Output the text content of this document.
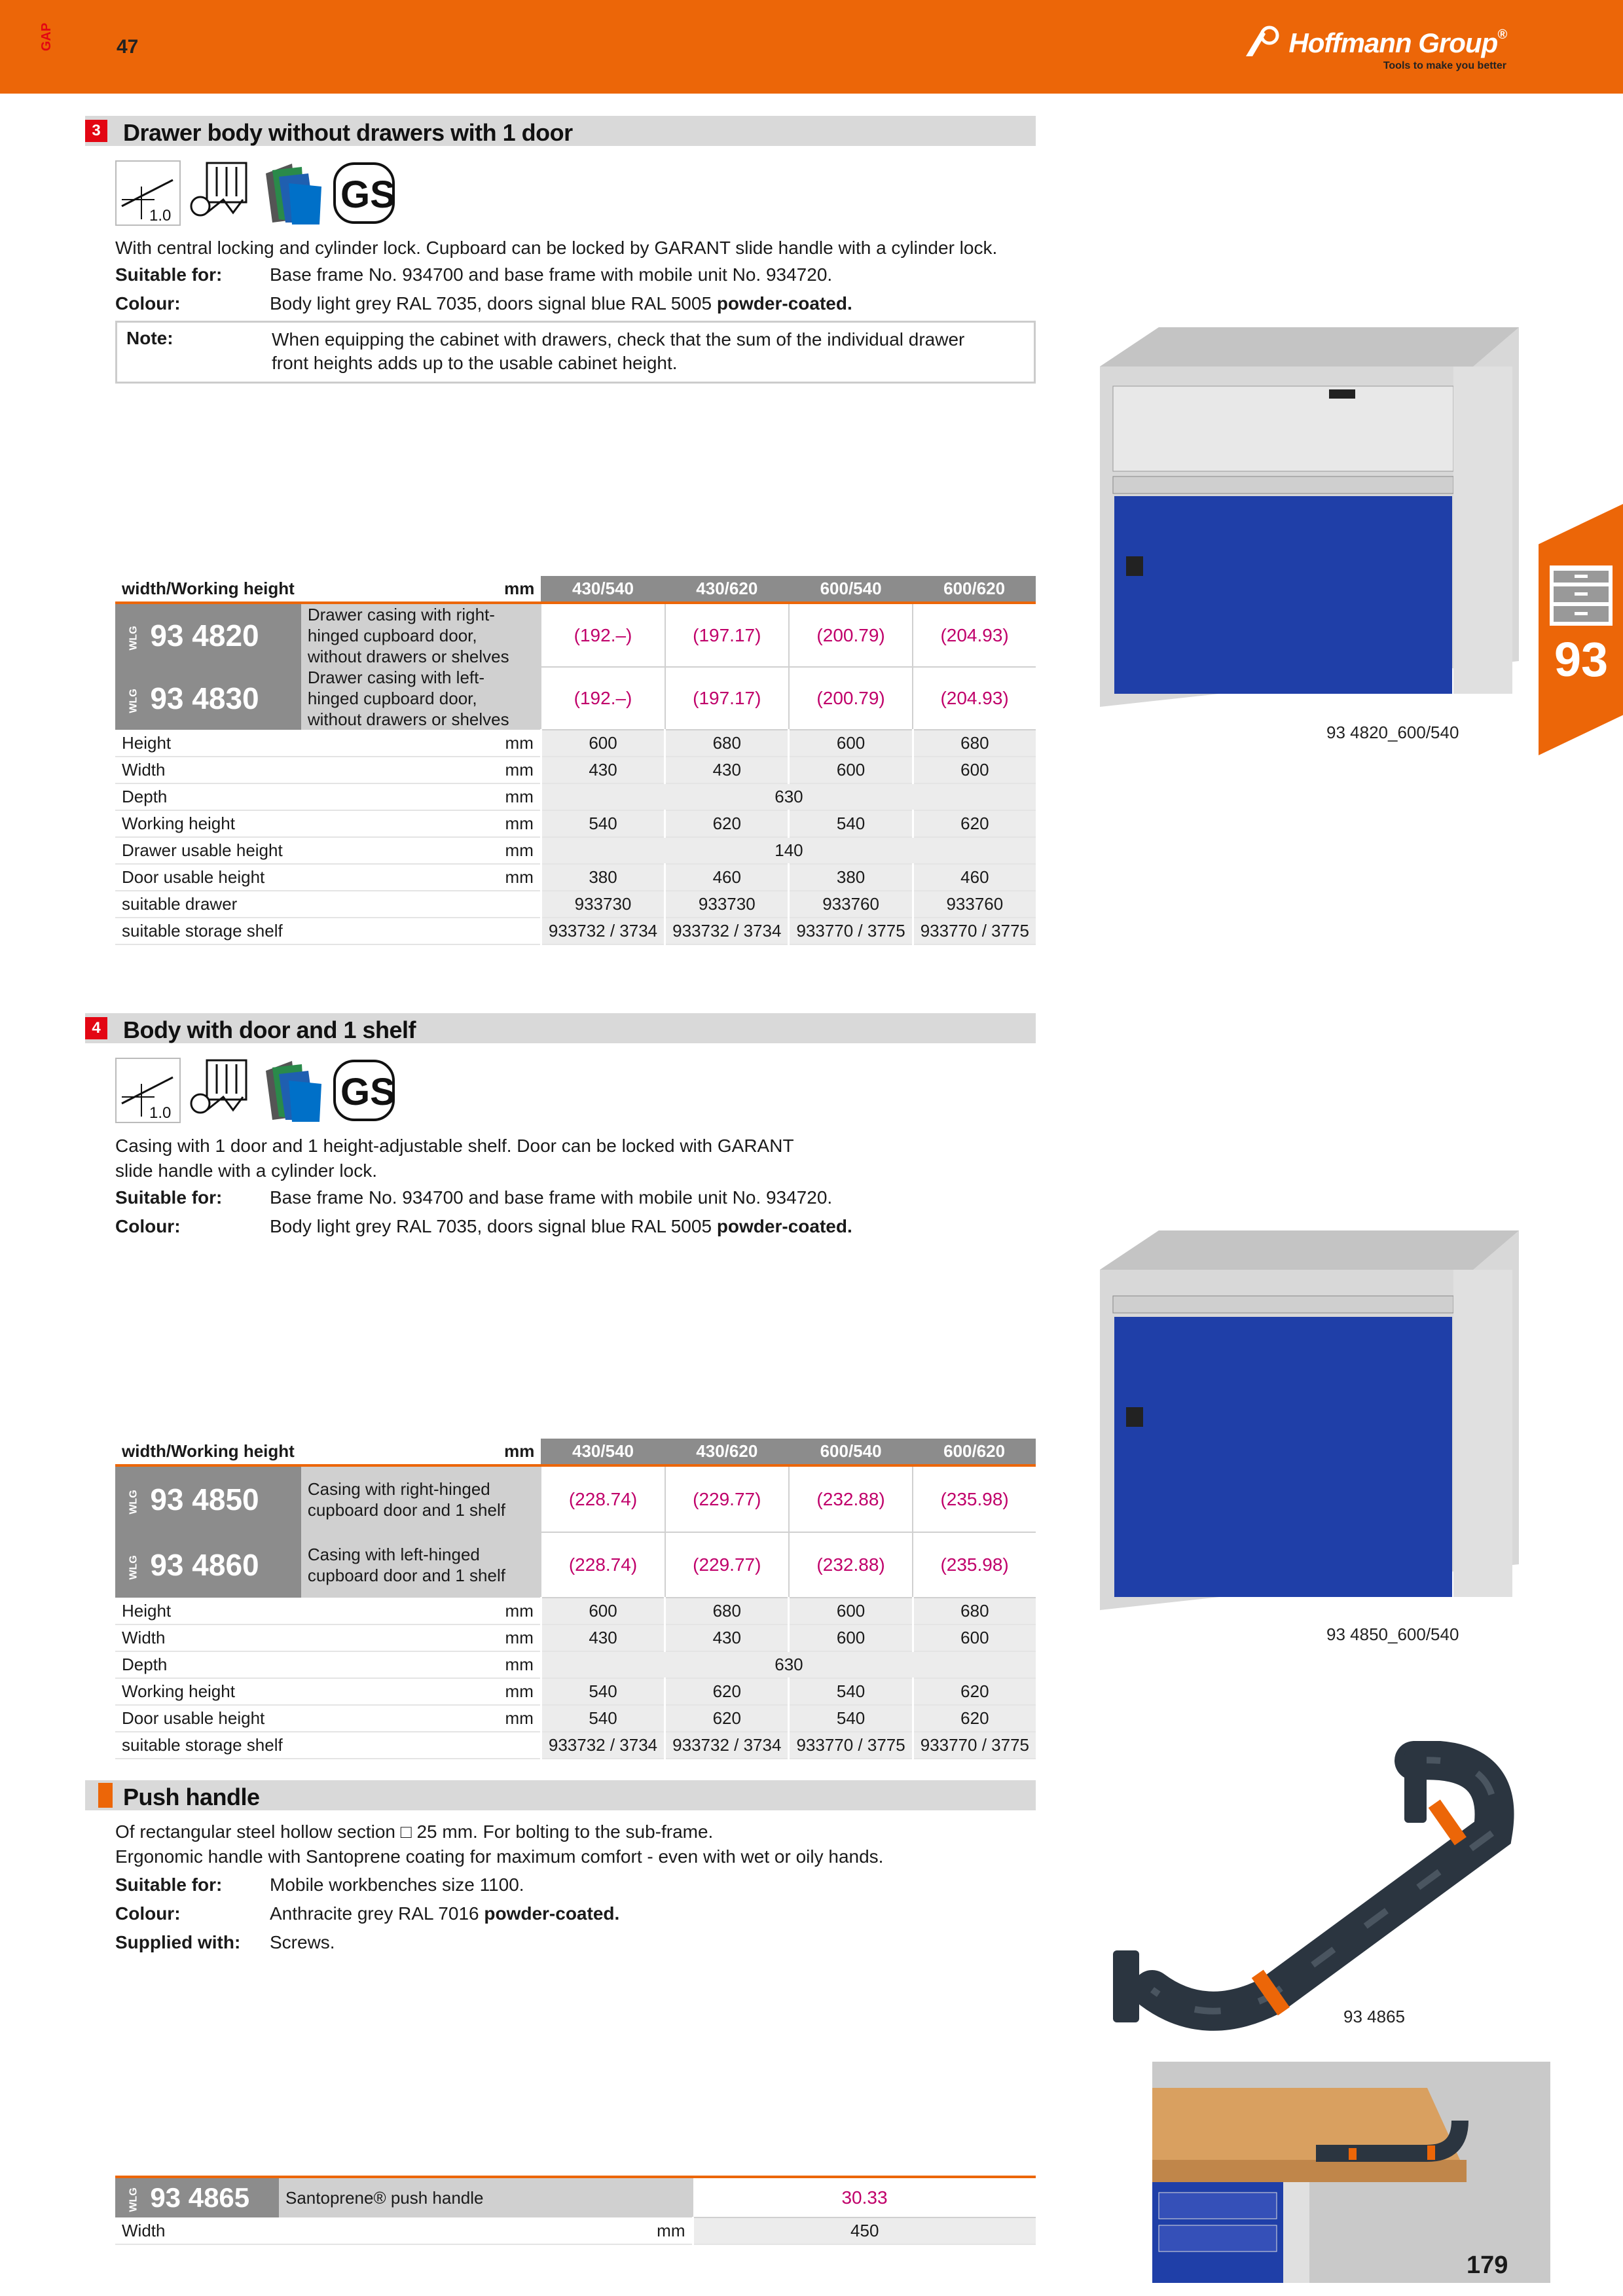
GAP	47	Hoffmann Group®
Tools to make you better
93
3 Drawer body without drawers with 1 door
1.0	GS
With central locking and cylinder lock. Cupboard can be locked by GARANT slide handle with a cylinder lock.
Suitable for:	Base frame No. 934700 and base frame with mobile unit No. 934720.
Colour:	Body light grey RAL 7035, doors signal blue RAL 5005 powder-coated.
Note:	When equipping the cabinet with drawers, check that the sum of the individual drawer front heights adds up to the usable cabinet height.
93 4820_600/540
width/Working height	mm	430/540	430/620	600/540	600/620
WLG 93 4820	Drawer casing with right-hinged cupboard door, without drawers or shelves	(192.–)	(197.17)	(200.79)	(204.93)
WLG 93 4830	Drawer casing with left-hinged cupboard door, without drawers or shelves	(192.–)	(197.17)	(200.79)	(204.93)
Height	mm	600	680	600	680
Width	mm	430	430	600	600
Depth	mm	630			
Working height	mm	540	620	540	620
Drawer usable height	mm	140			
Door usable height	mm	380	460	380	460
suitable drawer		933730	933730	933760	933760
suitable storage shelf		933732 / 3734	933732 / 3734	933770 / 3775	933770 / 3775
4 Body with door and 1 shelf
1.0	GS
Casing with 1 door and 1 height-adjustable shelf. Door can be locked with GARANT
slide handle with a cylinder lock.
Suitable for:	Base frame No. 934700 and base frame with mobile unit No. 934720.
Colour:	Body light grey RAL 7035, doors signal blue RAL 5005 powder-coated.
93 4850_600/540
width/Working height	mm	430/540	430/620	600/540	600/620
WLG 93 4850	Casing with right-hinged cupboard door and 1 shelf	(228.74)	(229.77)	(232.88)	(235.98)
WLG 93 4860	Casing with left-hinged cupboard door and 1 shelf	(228.74)	(229.77)	(232.88)	(235.98)
Height	mm	600	680	600	680
Width	mm	430	430	600	600
Depth	mm	630			
Working height	mm	540	620	540	620
Door usable height	mm	540	620	540	620
suitable storage shelf		933732 / 3734	933732 / 3734	933770 / 3775	933770 / 3775
Push handle
Of rectangular steel hollow section □ 25 mm. For bolting to the sub-frame.
Ergonomic handle with Santoprene coating for maximum comfort - even with wet or oily hands.
Suitable for:	Mobile workbenches size 1100.
Colour:	Anthracite grey RAL 7016 powder-coated.
Supplied with: Screws.
93 4865
WLG 93 4865	Santoprene® push handle	30.33
Width	mm	450
179
